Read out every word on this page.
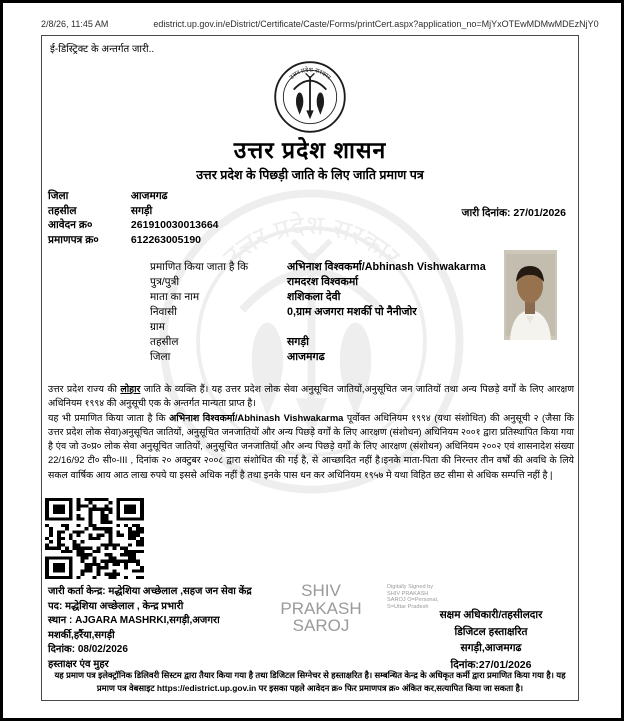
2/8/26, 11:45 AM	edistrict.up.gov.in/eDistrict/Certificate/Caste/Forms/printCert.aspx?application_no=MjYxOTEwMDMwMDEzNjY0
ई-डिस्ट्रिक्ट के अन्तर्गत जारी..
उत्तर प्रदेश शासन
उत्तर प्रदेश के पिछड़ी जाति के लिए जाति प्रमाण पत्र
जिला	आजमगढ
तहसील	सगड़ी
आवेदन क्र०	261910030013664
प्रमाणपत्र क्र०	612263005190
जारी दिनांक: 27/01/2026
प्रमाणित किया जाता है कि	अभिनाश विश्वकर्मा/Abhinash Vishwakarma
पुत्र/पुत्री	रामदरश विश्वकर्मा
माता का नाम	शशिकला देवी
निवासी	0,ग्राम अजगरा मशर्की पो नैनीजोर
ग्राम
तहसील	सगड़ी
जिला	आजमगढ

उत्तर प्रदेश राज्य की लोहार जाति के व्यक्ति हैं। यह उत्तर प्रदेश लोक सेवा अनुसूचित जातियों,अनुसूचित जन जातियों तथा अन्य पिछड़े वर्गों के लिए आरक्षण अधिनियम १९९४ की अनुसूची एक के अन्तर्गत मान्यता प्राप्त है।

यह भी प्रमाणित किया जाता है कि अभिनाश विश्वकर्मा/Abhinash Vishwakarma पूर्वोक्त अधिनियम १९९४ (यथा संशोधित) की अनुसूची २ (जैसा कि उत्तर प्रदेश लोक सेवा)अनुसूचित जातियों, अनुसूचित जनजातियों और अन्य पिछड़े वर्गों के लिए आरक्षण (संशोधन) अधिनियम २००१ द्वारा प्रतिस्थापित किया गया है एंव जो उ०प्र० लोक सेवा अनुसूचित जातियों, अनुसूचित जनजातियों और अन्य पिछड़े वर्गों के लिए आरक्षण (संशोधन) अधिनियम २००२ एवं शासनादेश संख्या 22/16/92 टी० सी०-III , दिनांक २० अक्टुबर २००८ द्वारा संशोधित की गई है, से आच्छादित नहीं है।इनके माता-पिता की निरन्तर तीन वर्षों की अवधि के लिये सकल वार्षिक आय आठ लाख रुपये या इससे अधिक नहीं है तथा इनके पास धन कर अधिनियम १९५७ मे यथा विहित छट सीमा से अधिक सम्पत्ति नहीं है |

जारी कर्ता केन्द्र: मद्धेशिया अच्छेलाल ,सहज जन सेवा केंद्र
पद: मद्धेशिया अच्छेलाल , केन्द्र प्रभारी
स्थान : AJGARA MASHRKI,सगड़ी,अजगरा मशर्की,हर्रैया,सगड़ी
दिनांक: 08/02/2026
हस्ताक्षर एंव मुहर
SHIV PRAKASH SAROJ
Digitally Signed by
SHIV PRAKASH
SAROJ O=Personal,
S=Uttar Pradesh
सक्षम अधिकारी/तहसीलदार
डिजिटल हस्ताक्षरित
सगड़ी,आजमगढ
दिनांक:27/01/2026
यह प्रमाण पत्र इलेक्ट्रॉनिक डिलिवरी सिस्टम द्वारा तैयार किया गया है तथा डिजिटल सिग्नेचर से हस्ताक्षरित है। सम्बन्धित केन्द्र के अधिकृत कर्मी द्वारा प्रमाणित किया गया है। यह प्रमाण पत्र वेबसाइट https://edistrict.up.gov.in पर इसका पहले आवेदन क्र० फिर प्रमाणपत्र क्र० अंकित कर,सत्यापित किया जा सकता है।
